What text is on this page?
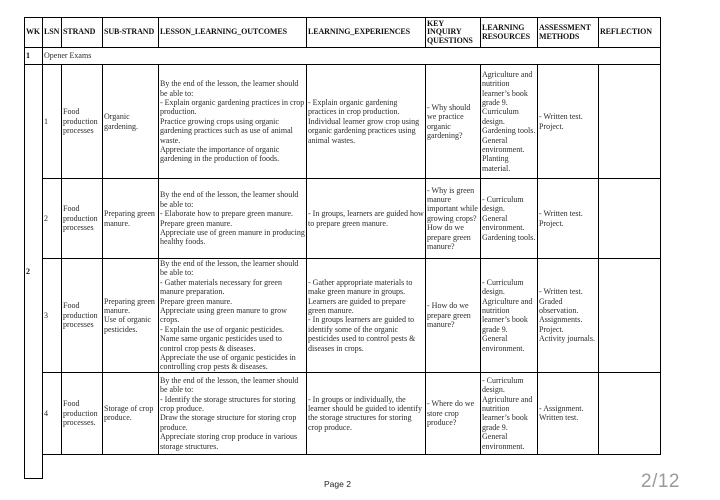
WK	LSN	STRAND	SUB-STRAND	LESSON_LEARNING_OUTCOMES	LEARNING_EXPERIENCES	KEY INQUIRY QUESTIONS	LEARNING RESOURCES	ASSESSMENT METHODS	REFLECTION
1	Opener Exams								
2	1	Food production processes	Organic gardening.	By the end of the lesson, the learner should be able to:
- Explain organic gardening practices in crop production.
Practice growing crops using organic gardening practices such as use of animal waste.
Appreciate the importance of organic gardening in the production of foods.	- Explain organic gardening practices in crop production.
Individual learner grow crop using organic gardening practices using animal wastes.	- Why should we practice organic gardening?	Agriculture and nutrition learner’s book grade 9.
Curriculum design.
Gardening tools.
General environment.
Planting material.	- Written test.
Project.	
	2	Food production processes	Preparing green manure.	By the end of the lesson, the learner should be able to:
- Elaborate how to prepare green manure.
Prepare green manure.
Appreciate use of green manure in producing healthy foods.	- In groups, learners are guided how to prepare green manure.	- Why is green manure important while growing crops? How do we prepare green manure?	- Curriculum design.
General environment.
Gardening tools.	- Written test.
Project.	
3	Food production processes	Preparing green manure.
Use of organic pesticides.	By the end of the lesson, the learner should be able to:
- Gather materials necessary for green manure preparation.
Prepare green manure.
Appreciate using green manure to grow crops.
- Explain the use of organic pesticides.
Name same organic pesticides used to control crop pests & diseases.
Appreciate the use of organic pesticides in controlling crop pests & diseases.	- Gather appropriate materials to make green manure in groups.
Learners are guided to prepare green manure.
- In groups learners are guided to identify some of the organic pesticides used to control pests & diseases in crops.	- How do we prepare green manure?	- Curriculum design.
Agriculture and nutrition learner’s book grade 9.
General environment.	- Written test.
Graded observation.
Assignments.
Project.
Activity journals.	
4	Food production processes.	Storage of crop produce.	By the end of the lesson, the learner should be able to:
- Identify the storage structures for storing crop produce.
Draw the storage structure for storing crop produce.
Appreciate storing crop produce in various storage structures.	- In groups or individually, the learner should be guided to identify the storage structures for storing crop produce.	- Where do we store crop produce?	- Curriculum design.
Agriculture and nutrition learner’s book grade 9.
General environment.	- Assignment.
Written test.	

Page 2	2/12
